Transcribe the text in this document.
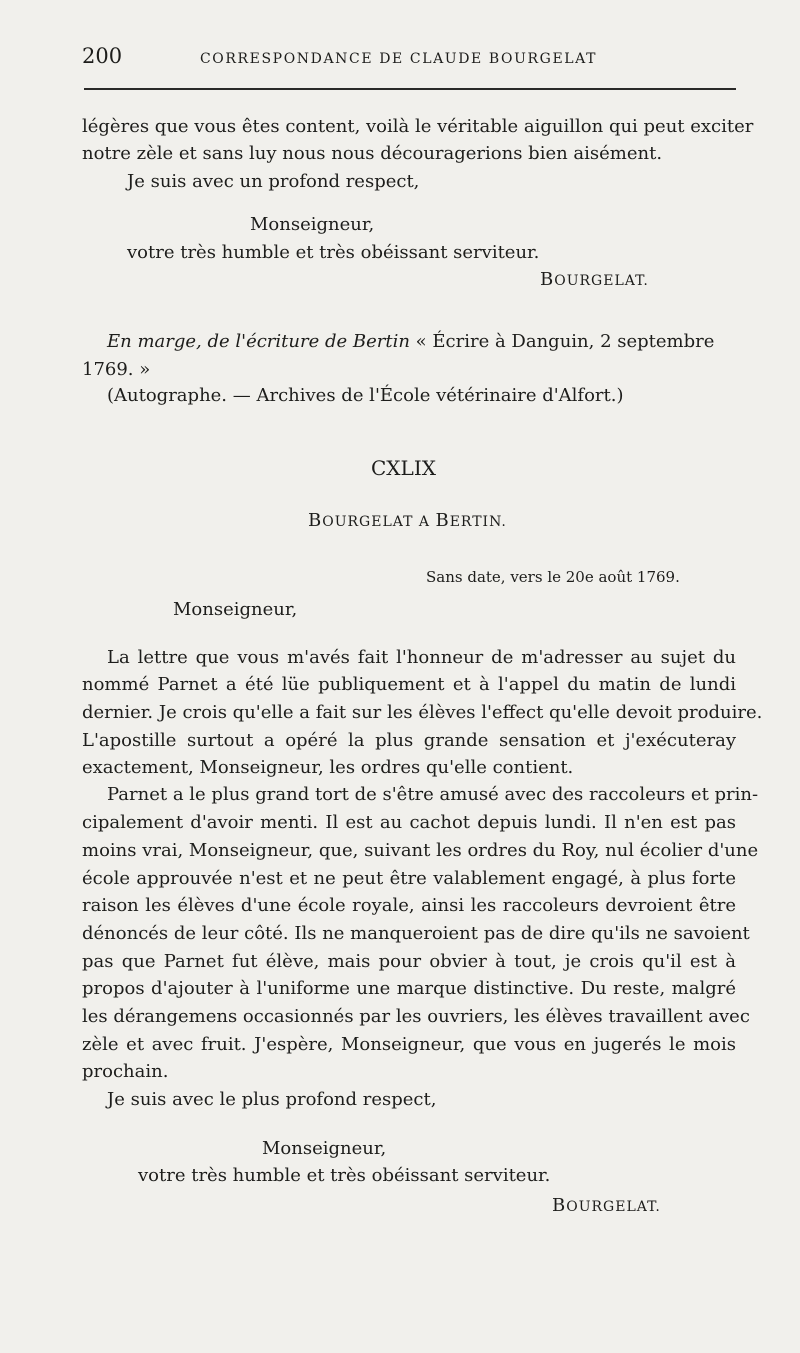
200	CORRESPONDANCE DE CLAUDE BOURGELAT
légères que vous êtes content, voilà le véritable aiguillon qui peut exciter
notre zèle et sans luy nous nous découragerions bien aisément.
Je suis avec un profond respect,
Monseigneur,
votre très humble et très obéissant serviteur.
BOURGELAT.
En marge, de l'écriture de Bertin « Écrire à Danguin, 2 septembre
1769. »
(Autographe. — Archives de l'École vétérinaire d'Alfort.)
CXLIX
BOURGELAT A BERTIN.
Sans date, vers le 20e août 1769.
Monseigneur,
La lettre que vous m'avés fait l'honneur de m'adresser au sujet du
nommé Parnet a été lüe publiquement et à l'appel du matin de lundi
dernier. Je crois qu'elle a fait sur les élèves l'effect qu'elle devoit produire.
L'apostille surtout a opéré la plus grande sensation et j'exécuteray
exactement, Monseigneur, les ordres qu'elle contient.
Parnet a le plus grand tort de s'être amusé avec des raccoleurs et prin-
cipalement d'avoir menti. Il est au cachot depuis lundi. Il n'en est pas
moins vrai, Monseigneur, que, suivant les ordres du Roy, nul écolier d'une
école approuvée n'est et ne peut être valablement engagé, à plus forte
raison les élèves d'une école royale, ainsi les raccoleurs devroient être
dénoncés de leur côté. Ils ne manqueroient pas de dire qu'ils ne savoient
pas que Parnet fut élève, mais pour obvier à tout, je crois qu'il est à
propos d'ajouter à l'uniforme une marque distinctive. Du reste, malgré
les dérangemens occasionnés par les ouvriers, les élèves travaillent avec
zèle et avec fruit. J'espère, Monseigneur, que vous en jugerés le mois
prochain.
Je suis avec le plus profond respect,
Monseigneur,
votre très humble et très obéissant serviteur.
BOURGELAT.
